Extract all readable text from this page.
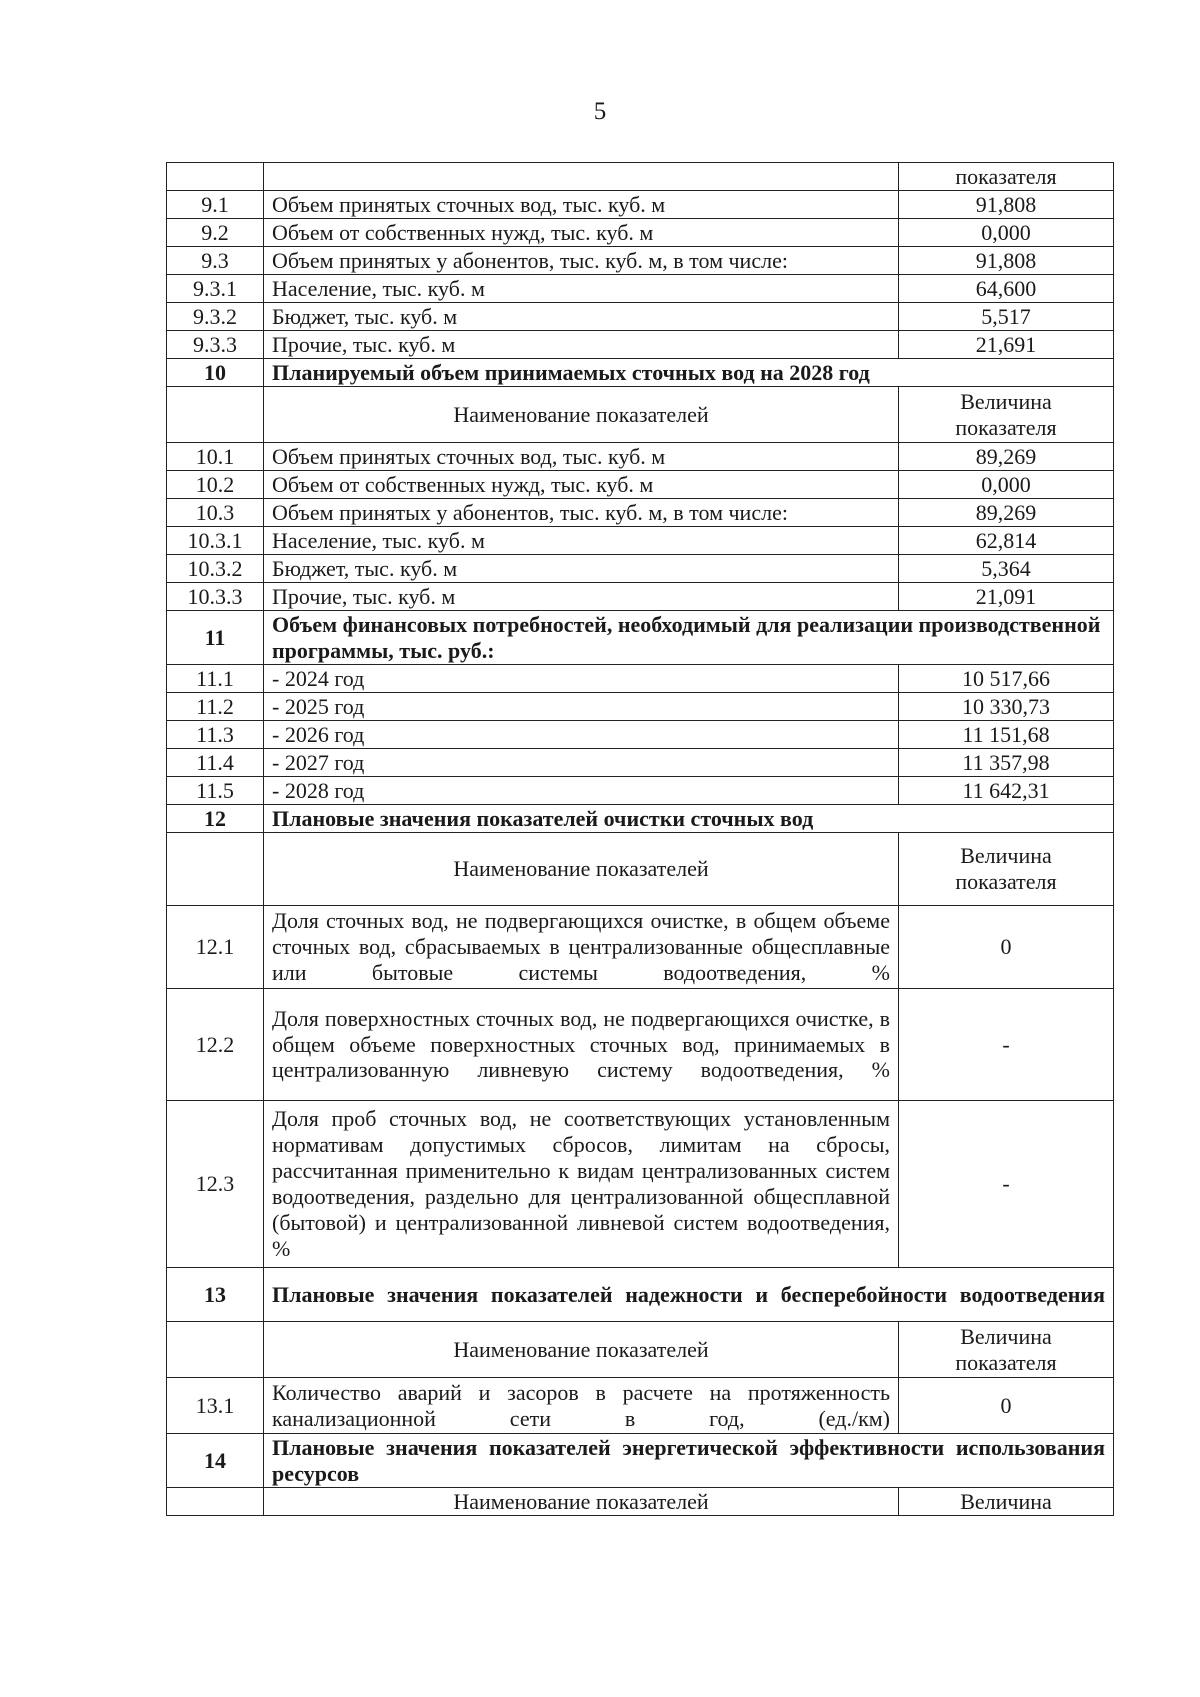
5
		показателя
9.1	Объем принятых сточных вод, тыс. куб. м	91,808
9.2	Объем от собственных нужд, тыс. куб. м	0,000
9.3	Объем принятых у абонентов, тыс. куб. м, в том числе:	91,808
9.3.1	Население, тыс. куб. м	64,600
9.3.2	Бюджет, тыс. куб. м	5,517
9.3.3	Прочие, тыс. куб. м	21,691
10	Планируемый объем принимаемых сточных вод на 2028 год	
	Наименование показателей	Величина показателя
10.1	Объем принятых сточных вод, тыс. куб. м	89,269
10.2	Объем от собственных нужд, тыс. куб. м	0,000
10.3	Объем принятых у абонентов, тыс. куб. м, в том числе:	89,269
10.3.1	Население, тыс. куб. м	62,814
10.3.2	Бюджет, тыс. куб. м	5,364
10.3.3	Прочие, тыс. куб. м	21,091
11	Объем финансовых потребностей, необходимый для реализации производственной программы, тыс. руб.:	
11.1	- 2024 год	10 517,66
11.2	- 2025 год	10 330,73
11.3	- 2026 год	11 151,68
11.4	- 2027 год	11 357,98
11.5	- 2028 год	11 642,31
12	Плановые значения показателей очистки сточных вод	
	Наименование показателей	Величина показателя
12.1	Доля сточных вод, не подвергающихся очистке, в общем объеме сточных вод, сбрасываемых в централизованные общесплавные или бытовые системы водоотведения, %	0
12.2	Доля поверхностных сточных вод, не подвергающихся очистке, в общем объеме поверхностных сточных вод, принимаемых в централизованную ливневую систему водоотведения, %	-
12.3	Доля проб сточных вод, не соответствующих установленным нормативам допустимых сбросов, лимитам на сбросы, рассчитанная применительно к видам централизованных систем водоотведения, раздельно для централизованной общесплавной (бытовой) и централизованной ливневой систем водоотведения, %	-
13	Плановые значения показателей надежности и бесперебойности водоотведения	
	Наименование показателей	Величина показателя
13.1	Количество аварий и засоров в расчете на протяженность канализационной сети в год, (ед./км)	0
14	Плановые значения показателей энергетической эффективности использования ресурсов	
	Наименование показателей	Величина
